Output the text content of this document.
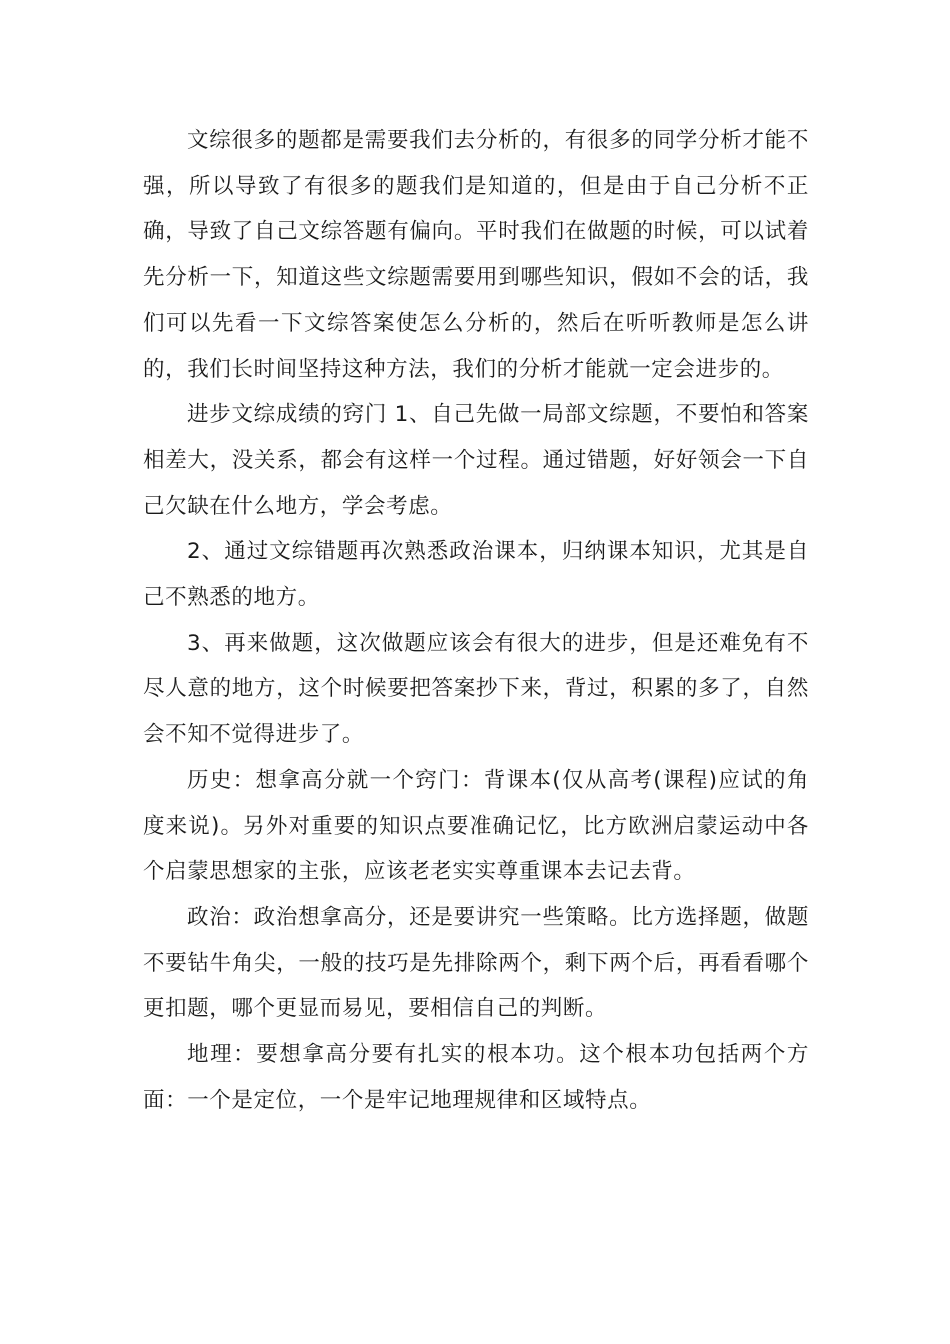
文综很多的题都是需要我们去分析的，有很多的同学分析才能不强，所以导致了有很多的题我们是知道的，但是由于自己分析不正确，导致了自己文综答题有偏向。平时我们在做题的时候，可以试着先分析一下，知道这些文综题需要用到哪些知识，假如不会的话，我们可以先看一下文综答案使怎么分析的，然后在听听教师是怎么讲的，我们长时间坚持这种方法，我们的分析才能就一定会进步的。

进步文综成绩的窍门 1、自己先做一局部文综题，不要怕和答案相差大，没关系，都会有这样一个过程。通过错题，好好领会一下自己欠缺在什么地方，学会考虑。

2、通过文综错题再次熟悉政治课本，归纳课本知识，尤其是自己不熟悉的地方。

3、再来做题，这次做题应该会有很大的进步，但是还难免有不尽人意的地方，这个时候要把答案抄下来，背过，积累的多了，自然会不知不觉得进步了。

历史：想拿高分就一个窍门：背课本(仅从高考(课程)应试的角度来说)。另外对重要的知识点要准确记忆，比方欧洲启蒙运动中各个启蒙思想家的主张，应该老老实实尊重课本去记去背。

政治：政治想拿高分，还是要讲究一些策略。比方选择题，做题不要钻牛角尖，一般的技巧是先排除两个，剩下两个后，再看看哪个更扣题，哪个更显而易见，要相信自己的判断。

地理：要想拿高分要有扎实的根本功。这个根本功包括两个方面：一个是定位，一个是牢记地理规律和区域特点。
